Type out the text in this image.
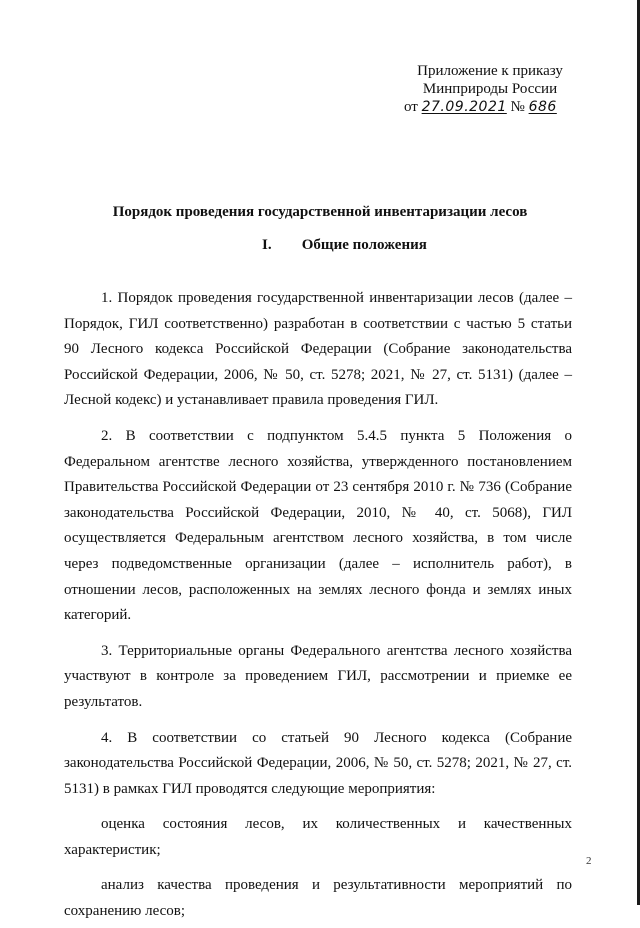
Приложение к приказу
Минприроды России
от 27.09.2021 № 686
Порядок проведения государственной инвентаризации лесов
I. Общие положения

1. Порядок проведения государственной инвентаризации лесов (далее – Порядок, ГИЛ соответственно) разработан в соответствии с частью 5 статьи 90 Лесного кодекса Российской Федерации (Собрание законодательства Российской Федерации, 2006, № 50, ст. 5278; 2021, № 27, ст. 5131) (далее – Лесной кодекс) и устанавливает правила проведения ГИЛ.

2. В соответствии с подпунктом 5.4.5 пункта 5 Положения о Федеральном агентстве лесного хозяйства, утвержденного постановлением Правительства Российской Федерации от 23 сентября 2010 г. № 736 (Собрание законодательства Российской Федерации, 2010, № 40, ст. 5068), ГИЛ осуществляется Федеральным агентством лесного хозяйства, в том числе через подведомственные организации (далее – исполнитель работ), в отношении лесов, расположенных на землях лесного фонда и землях иных категорий.

3. Территориальные органы Федерального агентства лесного хозяйства участвуют в контроле за проведением ГИЛ, рассмотрении и приемке ее результатов.

4. В соответствии со статьей 90 Лесного кодекса (Собрание законодательства Российской Федерации, 2006, № 50, ст. 5278; 2021, № 27, ст. 5131) в рамках ГИЛ проводятся следующие мероприятия:

оценка состояния лесов, их количественных и качественных характеристик;

анализ качества проведения и результативности мероприятий по сохранению лесов;

2
